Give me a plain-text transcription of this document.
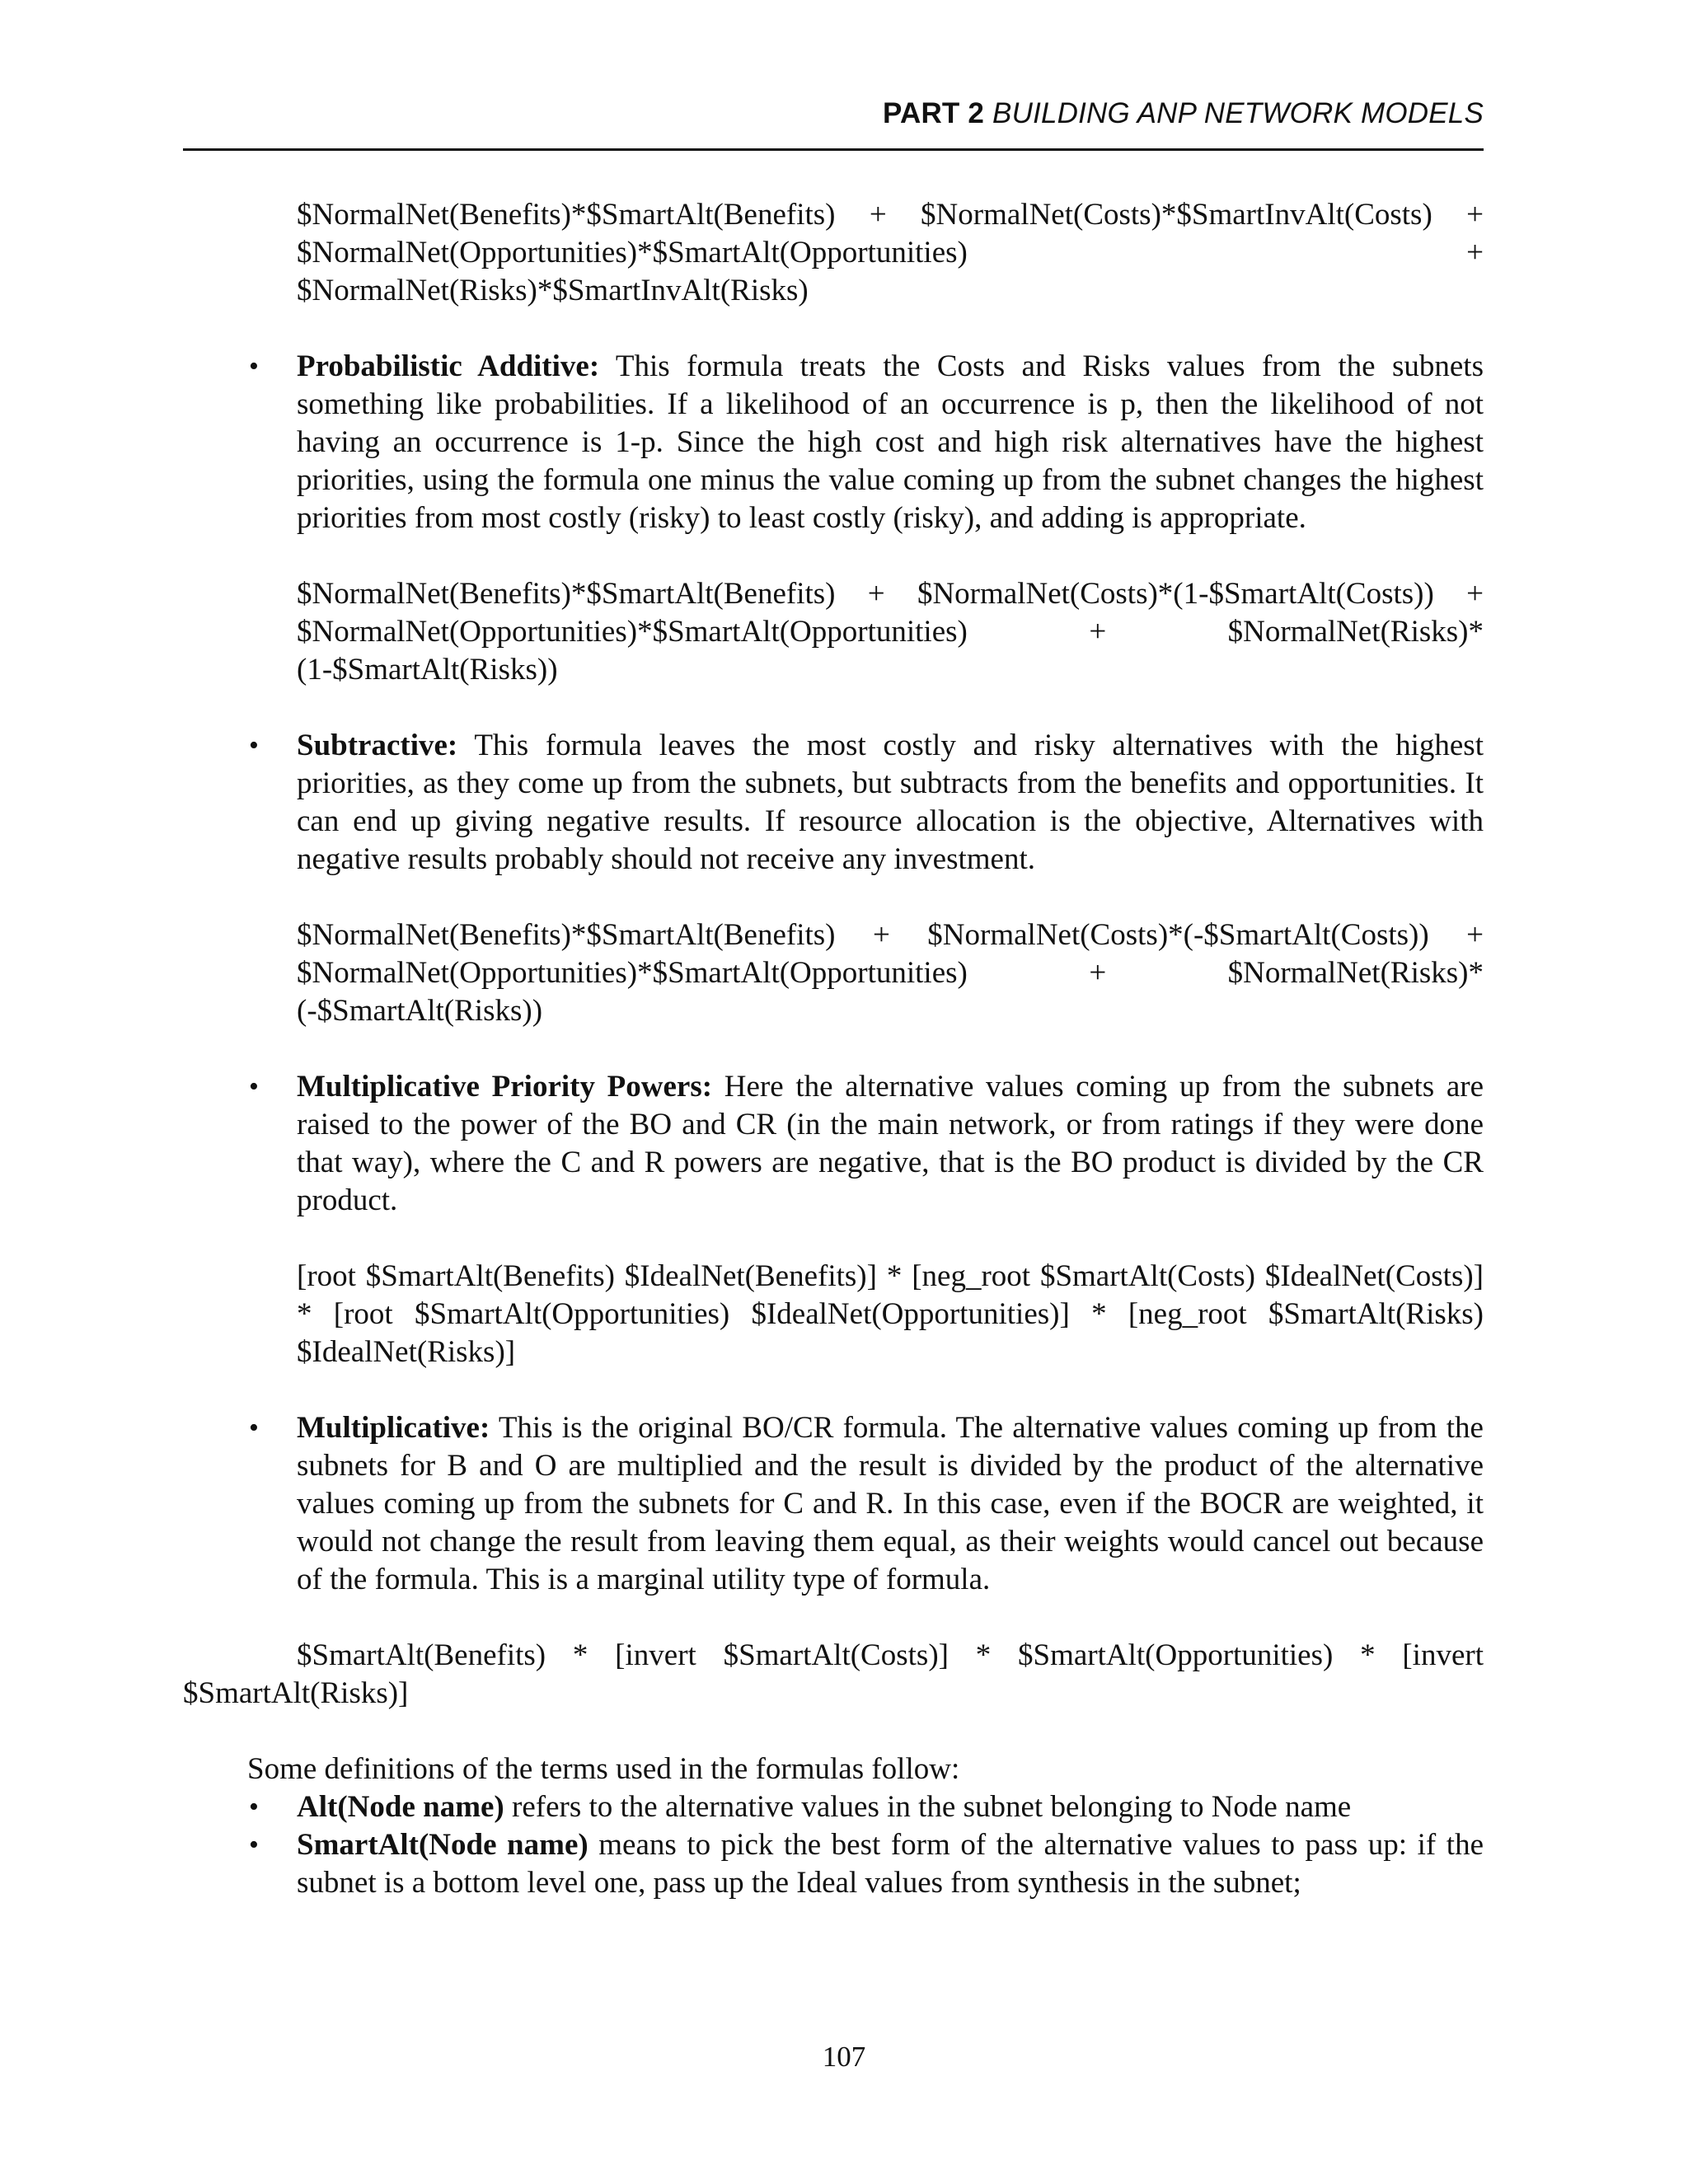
PART 2 BUILDING ANP NETWORK MODELS

$NormalNet(Benefits)*$SmartAlt(Benefits) + $NormalNet(Costs)*$SmartInvAlt(Costs) + $NormalNet(Opportunities)*$SmartAlt(Opportunities) + $NormalNet(Risks)*$SmartInvAlt(Risks)

• Probabilistic Additive: This formula treats the Costs and Risks values from the subnets something like probabilities. If a likelihood of an occurrence is p, then the likelihood of not having an occurrence is 1-p. Since the high cost and high risk alternatives have the highest priorities, using the formula one minus the value coming up from the subnet changes the highest priorities from most costly (risky) to least costly (risky), and adding is appropriate.

$NormalNet(Benefits)*$SmartAlt(Benefits) + $NormalNet(Costs)*(1-$SmartAlt(Costs)) + $NormalNet(Opportunities)*$SmartAlt(Opportunities) + $NormalNet(Risks)*(1-$SmartAlt(Risks))

• Subtractive: This formula leaves the most costly and risky alternatives with the highest priorities, as they come up from the subnets, but subtracts from the benefits and opportunities. It can end up giving negative results. If resource allocation is the objective, Alternatives with negative results probably should not receive any investment.

$NormalNet(Benefits)*$SmartAlt(Benefits) + $NormalNet(Costs)*(-$SmartAlt(Costs)) + $NormalNet(Opportunities)*$SmartAlt(Opportunities) + $NormalNet(Risks)*(-$SmartAlt(Risks))

• Multiplicative Priority Powers: Here the alternative values coming up from the subnets are raised to the power of the BO and CR (in the main network, or from ratings if they were done that way), where the C and R powers are negative, that is the BO product is divided by the CR product.

[root $SmartAlt(Benefits) $IdealNet(Benefits)] * [neg_root $SmartAlt(Costs) $IdealNet(Costs)] * [root $SmartAlt(Opportunities) $IdealNet(Opportunities)] * [neg_root $SmartAlt(Risks) $IdealNet(Risks)]

• Multiplicative: This is the original BO/CR formula. The alternative values coming up from the subnets for B and O are multiplied and the result is divided by the product of the alternative values coming up from the subnets for C and R. In this case, even if the BOCR are weighted, it would not change the result from leaving them equal, as their weights would cancel out because of the formula. This is a marginal utility type of formula.

$SmartAlt(Benefits) * [invert $SmartAlt(Costs)] * $SmartAlt(Opportunities) * [invert $SmartAlt(Risks)]

Some definitions of the terms used in the formulas follow:

• Alt(Node name) refers to the alternative values in the subnet belonging to Node name
• SmartAlt(Node name) means to pick the best form of the alternative values to pass up: if the subnet is a bottom level one, pass up the Ideal values from synthesis in the subnet;
107
